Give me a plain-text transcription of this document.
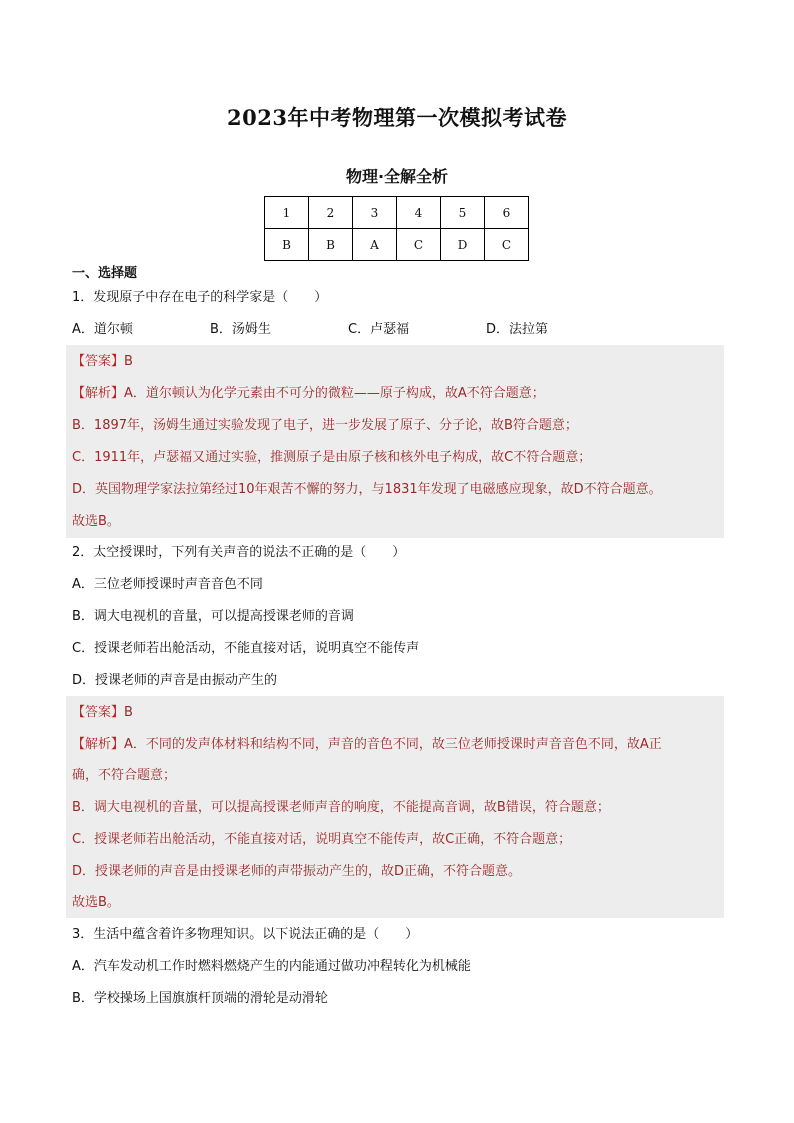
2023年中考物理第一次模拟考试卷
物理·全解全析
1	2	3	4	5	6
B	B	A	C	D	C
一、选择题
1．发现原子中存在电子的科学家是（　　）
A．道尔顿	B．汤姆生	C．卢瑟福	D．法拉第
【答案】B
【解析】A．道尔顿认为化学元素由不可分的微粒——原子构成，故A不符合题意；
B．1897年，汤姆生通过实验发现了电子，进一步发展了原子、分子论，故B符合题意；
C．1911年，卢瑟福又通过实验，推测原子是由原子核和核外电子构成，故C不符合题意；
D．英国物理学家法拉第经过10年艰苦不懈的努力，与1831年发现了电磁感应现象，故D不符合题意。
故选B。
2．太空授课时，下列有关声音的说法不正确的是（　　）
A．三位老师授课时声音音色不同
B．调大电视机的音量，可以提高授课老师的音调
C．授课老师若出舱活动，不能直接对话，说明真空不能传声
D．授课老师的声音是由振动产生的
【答案】B
【解析】A．不同的发声体材料和结构不同，声音的音色不同，故三位老师授课时声音音色不同，故A正
确，不符合题意；
B．调大电视机的音量，可以提高授课老师声音的响度，不能提高音调，故B错误，符合题意；
C．授课老师若出舱活动，不能直接对话，说明真空不能传声，故C正确，不符合题意；
D．授课老师的声音是由授课老师的声带振动产生的，故D正确，不符合题意。
故选B。
3．生活中蕴含着许多物理知识。以下说法正确的是（　　）
A．汽车发动机工作时燃料燃烧产生的内能通过做功冲程转化为机械能
B．学校操场上国旗旗杆顶端的滑轮是动滑轮
